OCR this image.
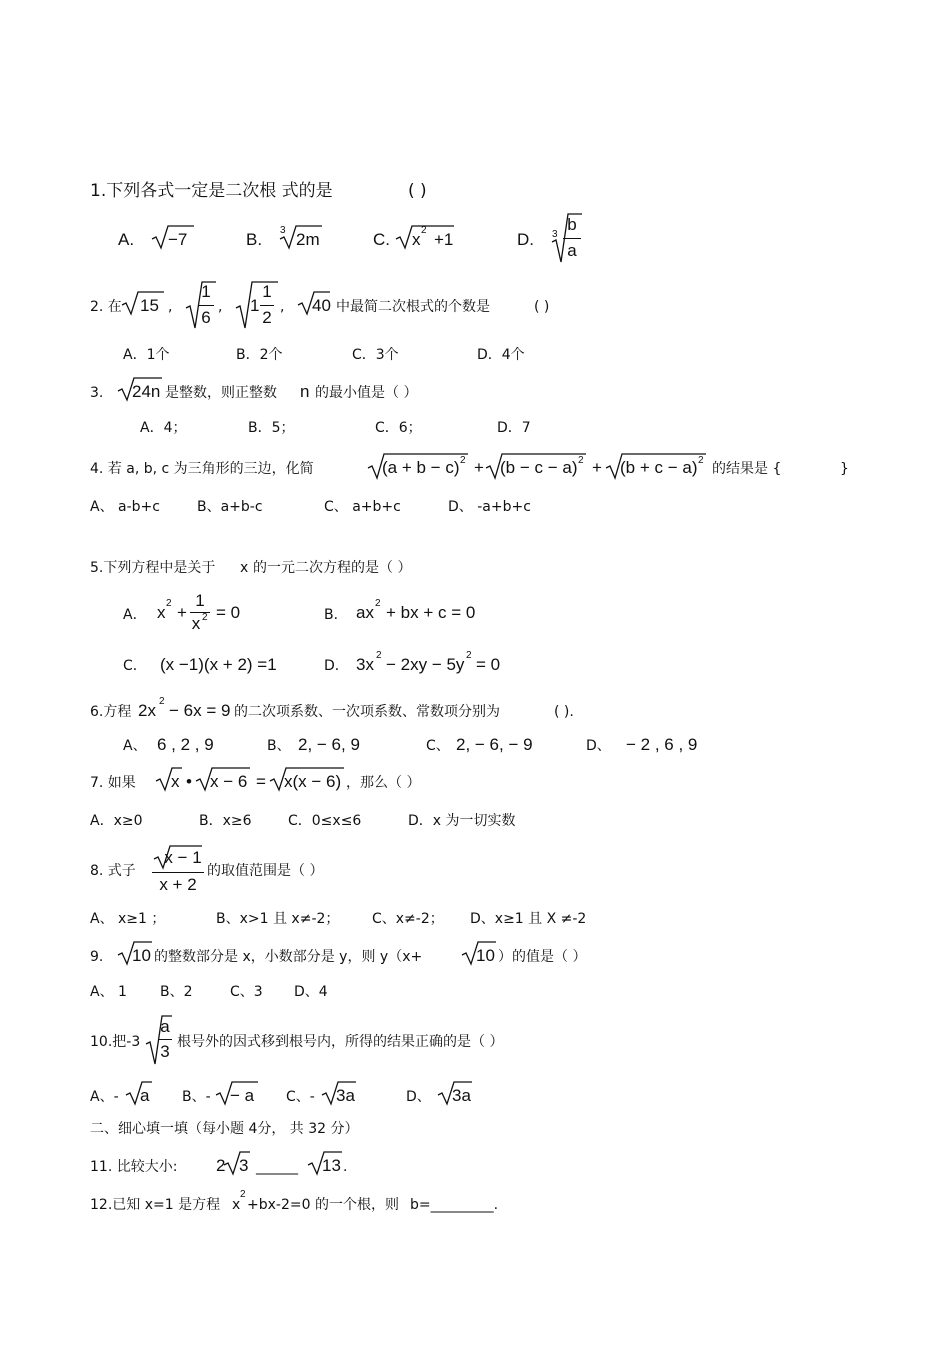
1.下列各式一定是二次根 式的是	( )
A. −7	B. 3 2m	C. x 2 +1	D. 3
b
a
2. 在 15 ,
1
6
, 1
1
2
, 40 中最简二次根式的个数是	( )
A．1个	B．2个	C．3个	D．4个
3. 24n 是整数，则正整数 n 的最小值是（ ）
A．4；	B．5；	C．6；	D．7
4. 若 a, b, c 为三角形的三边，化简	(a + b − c) 2 + (b − c − a) 2 + (b + c − a) 2
的结果是 {	}
A、 a-b+c	B、a+b-c	C、 a+b+c	D、 -a+b+c
5.下列方程中是关于 x 的一元二次方程的是（ ）
A． x 2 +
1
x 2 = 0	B． ax 2 + bx + c = 0
C． (x −1)(x + 2) =1	D． 3x 2 − 2xy − 5y 2 = 0
6.方程 2x 2 − 6x = 9 的二次项系数、一次项系数、常数项分别为	( ).
A、 6 , 2 , 9	B、 2, − 6, 9	C、 2, − 6, − 9	D、 − 2 , 6 , 9
7. 如果 x • x − 6 = x(x − 6) ，那么（ ）
A．x≥0	B．x≥6	C．0≤x≤6	D．x 为一切实数
8. 式子
x − 1
x + 2
的取值范围是（ ）
A、 x≥1 ；	B、x>1 且 x≠-2； C、x≠-2； D、x≥1 且 X ≠-2
9. 10 的整数部分是 x，小数部分是 y，则 y（x+	10 ）的值是（ ）
A、 1 B、2	C、3 D、4
10.把-3
a
3 根号外的因式移到根号内，所得的结果正确的是（ ）
A、- a B、- − a C、- 3a	D、 3a
二、细心填一填（每小题 4分， 共 32 分）
11. 比较大小: 2 3 ______ 13 .
12.已知 x=1 是方程 x
2
+bx-2=0 的一个根，则 b=_________.
